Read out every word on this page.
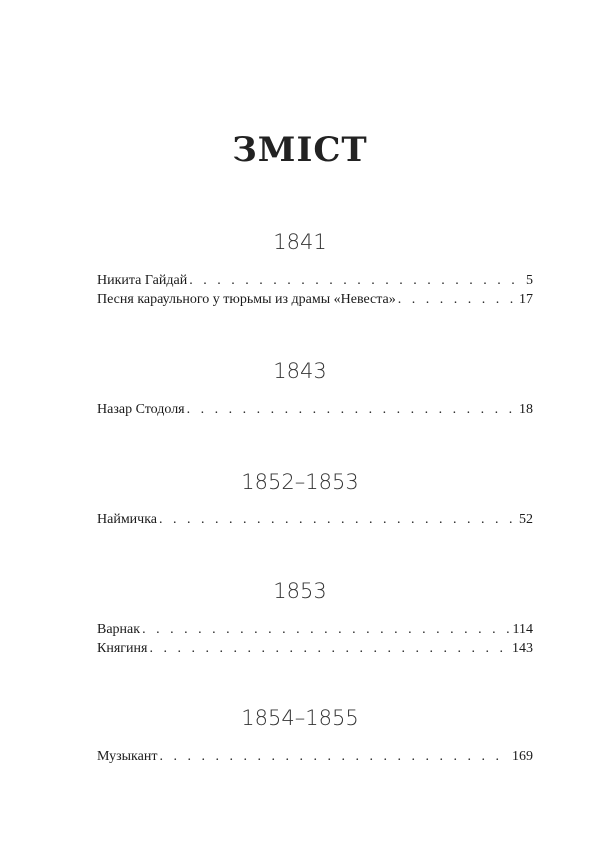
ЗМІСТ
1841
Никита Гайдай . . .	5
Песня караульного у тюрьмы из драмы «Невеста» . . .	17
1843
Назар Стодоля . . .	18
1852–1853
Наймичка . . .	52
1853
Варнак . . .	114
Княгиня . . .	143
1854–1855
Музыкант . . .	169
